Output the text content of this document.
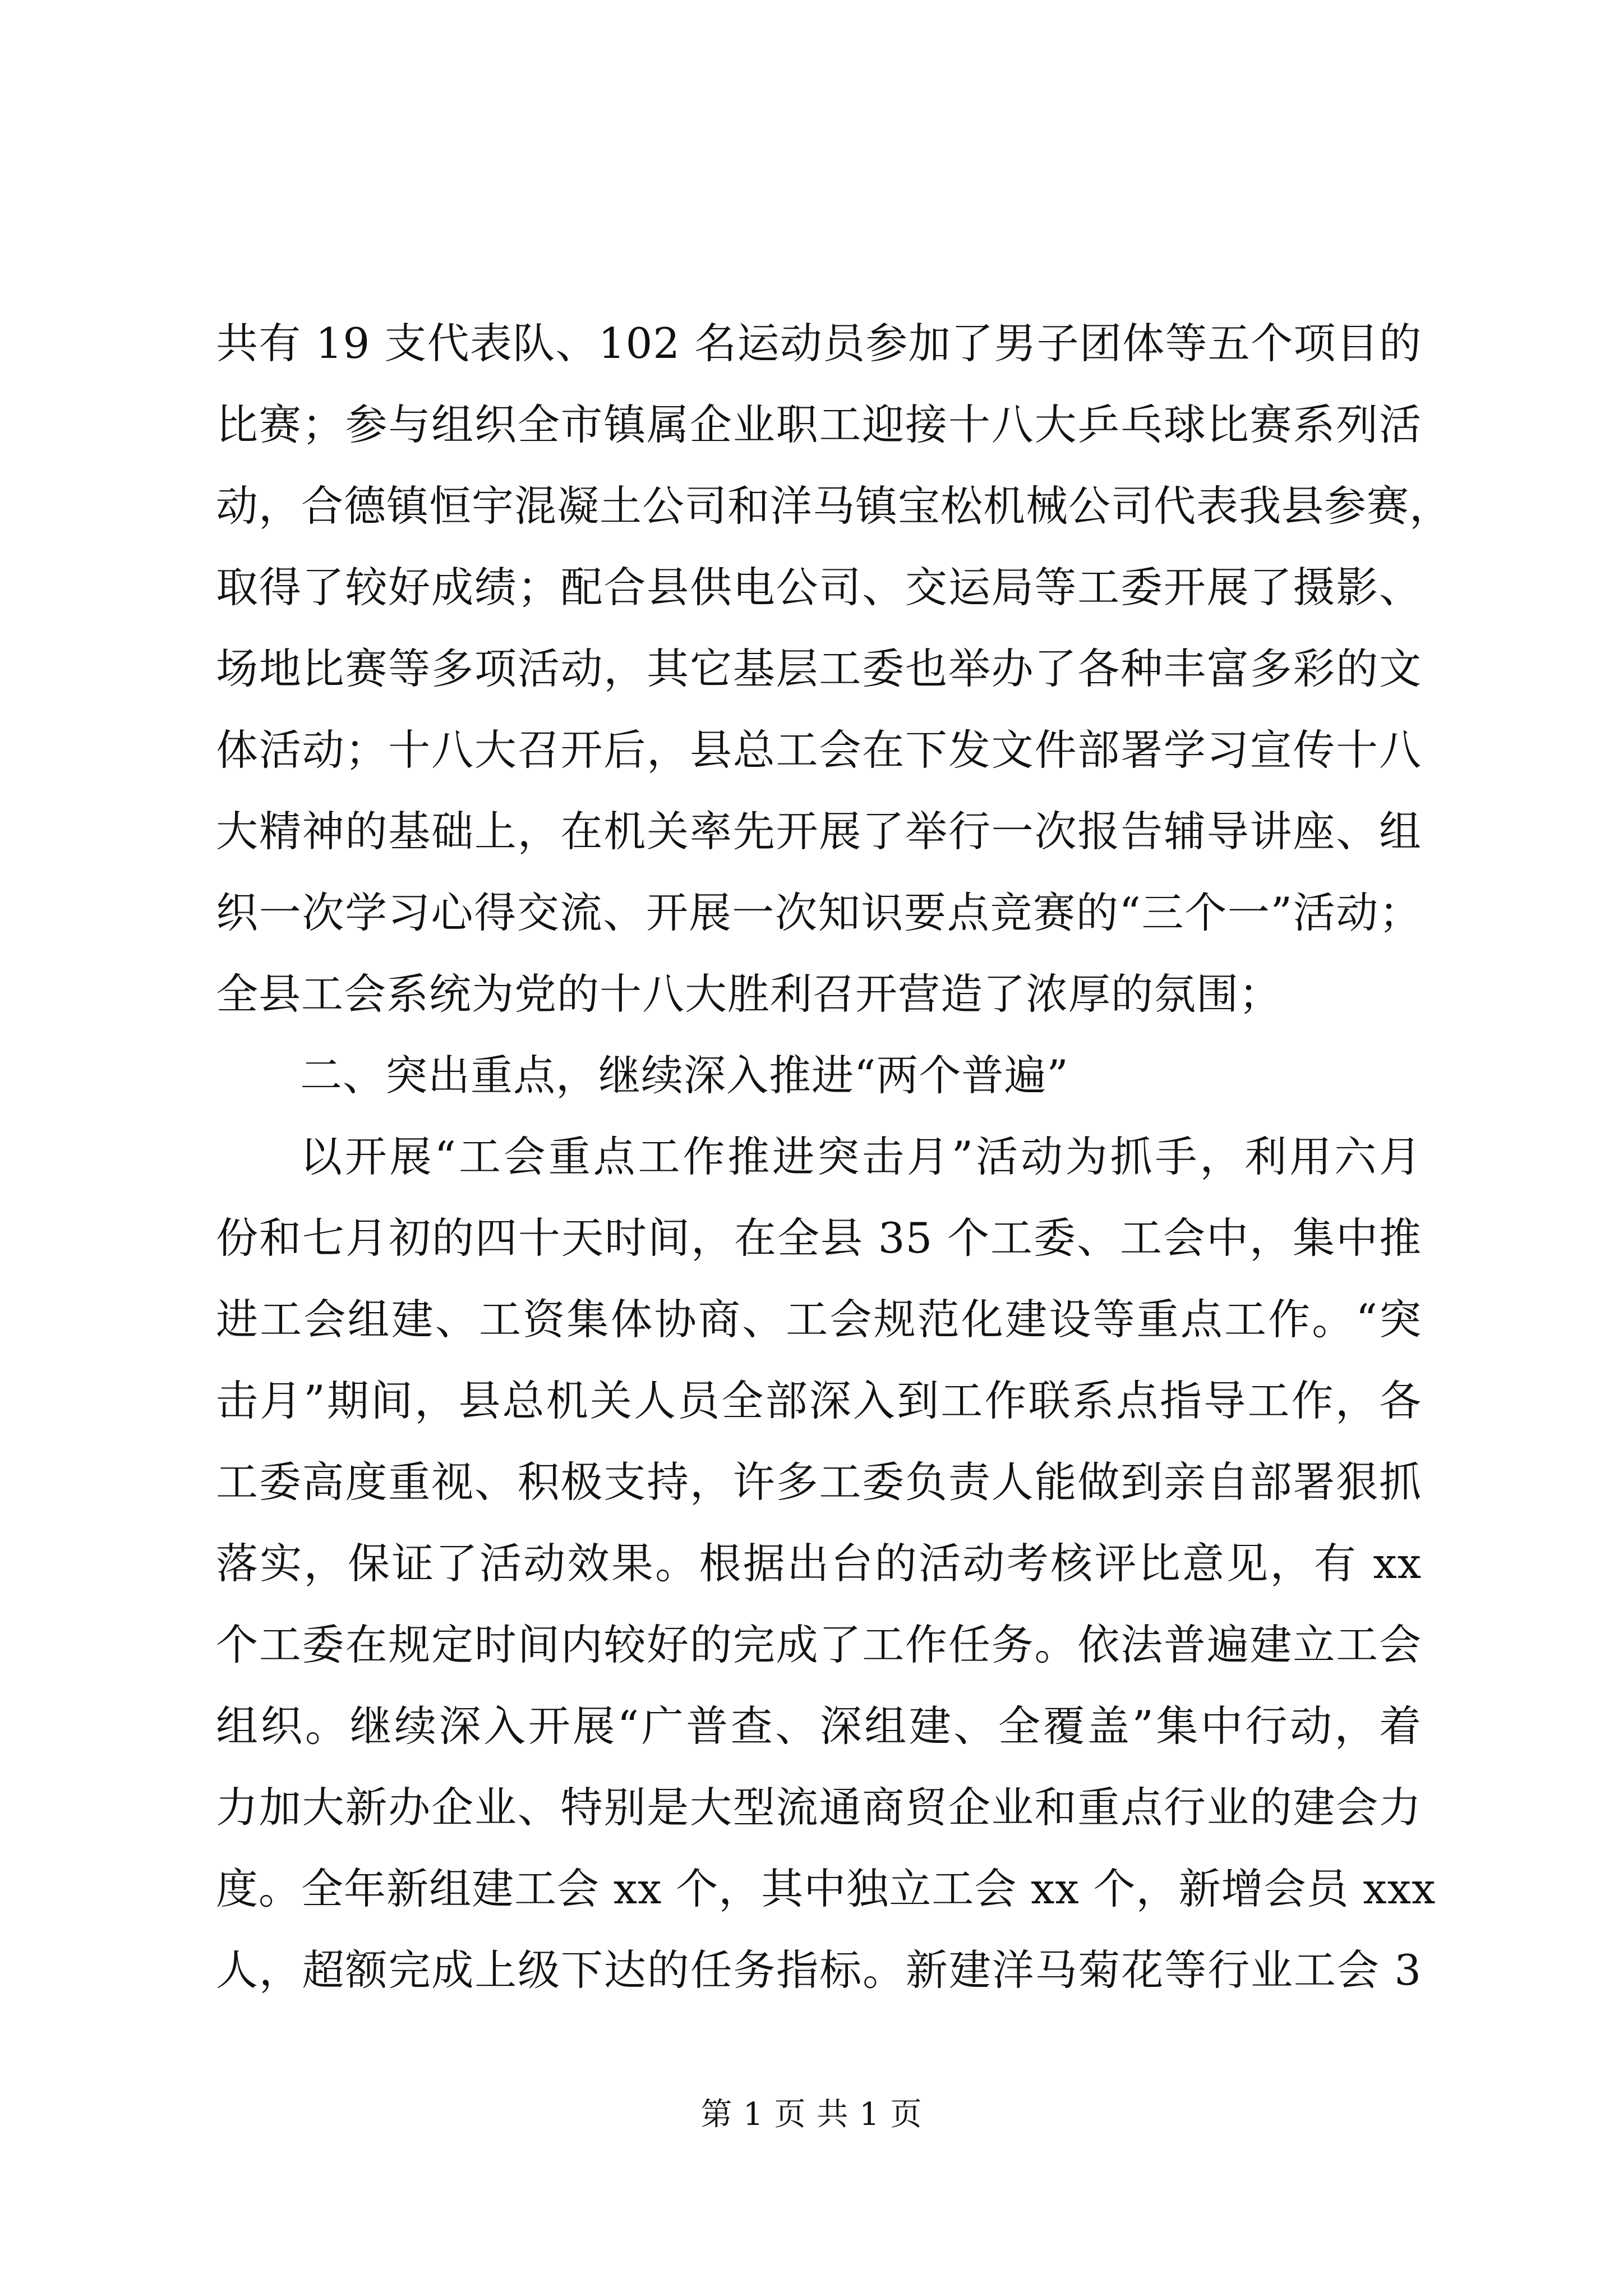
共有 19 支代表队、102 名运动员参加了男子团体等五个项目的
比赛；参与组织全市镇属企业职工迎接十八大乒乓球比赛系列活
动，合德镇恒宇混凝土公司和洋马镇宝松机械公司代表我县参赛，
取得了较好成绩；配合县供电公司、交运局等工委开展了摄影、
场地比赛等多项活动，其它基层工委也举办了各种丰富多彩的文
体活动；十八大召开后，县总工会在下发文件部署学习宣传十八
大精神的基础上，在机关率先开展了举行一次报告辅导讲座、组
织一次学习心得交流、开展一次知识要点竞赛的“三个一”活动；
全县工会系统为党的十八大胜利召开营造了浓厚的氛围；
二、突出重点，继续深入推进“两个普遍”
以开展“工会重点工作推进突击月”活动为抓手，利用六月
份和七月初的四十天时间，在全县 35 个工委、工会中，集中推
进工会组建、工资集体协商、工会规范化建设等重点工作。“突
击月”期间，县总机关人员全部深入到工作联系点指导工作，各
工委高度重视、积极支持，许多工委负责人能做到亲自部署狠抓
落实，保证了活动效果。根据出台的活动考核评比意见，有 xx
个工委在规定时间内较好的完成了工作任务。依法普遍建立工会
组织。继续深入开展“广普查、深组建、全覆盖”集中行动，着
力加大新办企业、特别是大型流通商贸企业和重点行业的建会力
度。全年新组建工会 xx 个，其中独立工会 xx 个，新增会员 xxx
人，超额完成上级下达的任务指标。新建洋马菊花等行业工会 3
第 1 页 共 1 页
